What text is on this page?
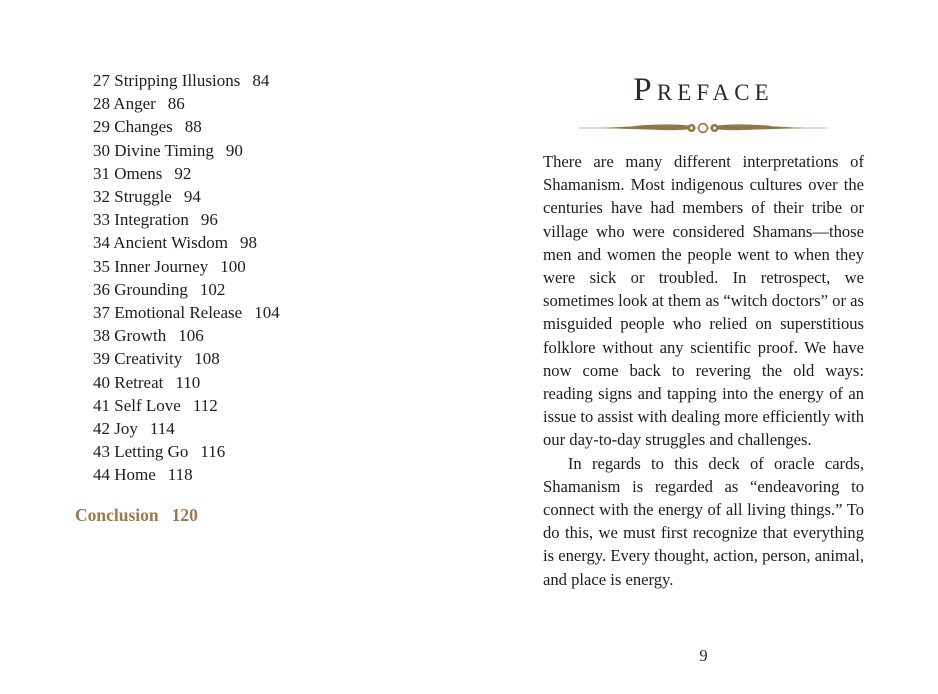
27 Stripping Illusions 84
28 Anger 86
29 Changes 88
30 Divine Timing 90
31 Omens 92
32 Struggle 94
33 Integration 96
34 Ancient Wisdom 98
35 Inner Journey 100
36 Grounding 102
37 Emotional Release 104
38 Growth 106
39 Creativity 108
40 Retreat 110
41 Self Love 112
42 Joy 114
43 Letting Go 116
44 Home 118
Conclusion 120
PREFACE

There are many different interpretations of Shamanism. Most indigenous cultures over the centuries have had members of their tribe or village who were considered Shamans—those men and women the people went to when they were sick or troubled. In retrospect, we sometimes look at them as “witch doctors” or as misguided people who relied on superstitious folklore without any scientific proof. We have now come back to revering the old ways: reading signs and tapping into the energy of an issue to assist with dealing more efficiently with our day-to-day struggles and challenges.

In regards to this deck of oracle cards, Shamanism is regarded as “endeavoring to connect with the energy of all living things.” To do this, we must first recognize that everything is energy. Every thought, action, person, animal, and place is energy.

9
